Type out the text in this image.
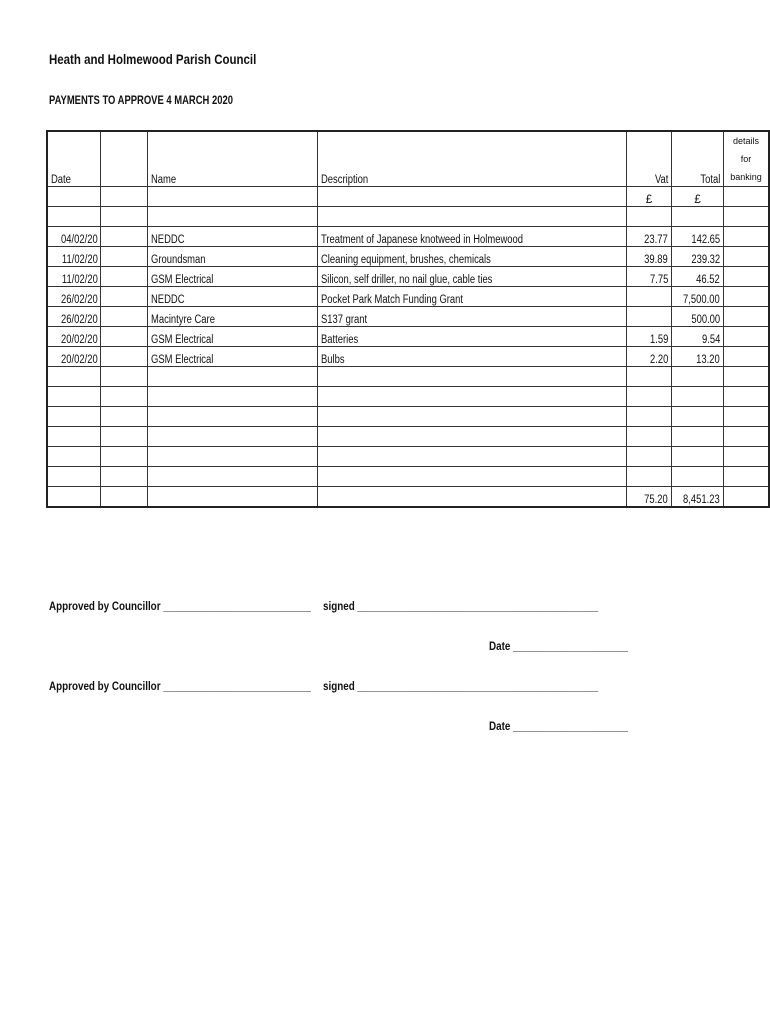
Heath and Holmewood Parish Council
PAYMENTS TO APPROVE 4 MARCH 2020
Date		Name	Description	Vat	Total	details for banking
				£	£	

04/02/20		NEDDC	Treatment of Japanese knotweed in Holmewood	23.77	142.65	
11/02/20		Groundsman	Cleaning equipment, brushes, chemicals	39.89	239.32	
11/02/20		GSM Electrical	Silicon, self driller, no nail glue, cable ties	7.75	46.52	
26/02/20		NEDDC	Pocket Park Match Funding Grant		7,500.00	
26/02/20		Macintyre Care	S137 grant		500.00	
20/02/20		GSM Electrical	Batteries	1.59	9.54	
20/02/20		GSM Electrical	Bulbs	2.20	13.20	

				75.20	8,451.23	
Approved by Councillor ___________________________ signed ____________________________________________
Date _____________________
Approved by Councillor ___________________________ signed ____________________________________________
Date _____________________
